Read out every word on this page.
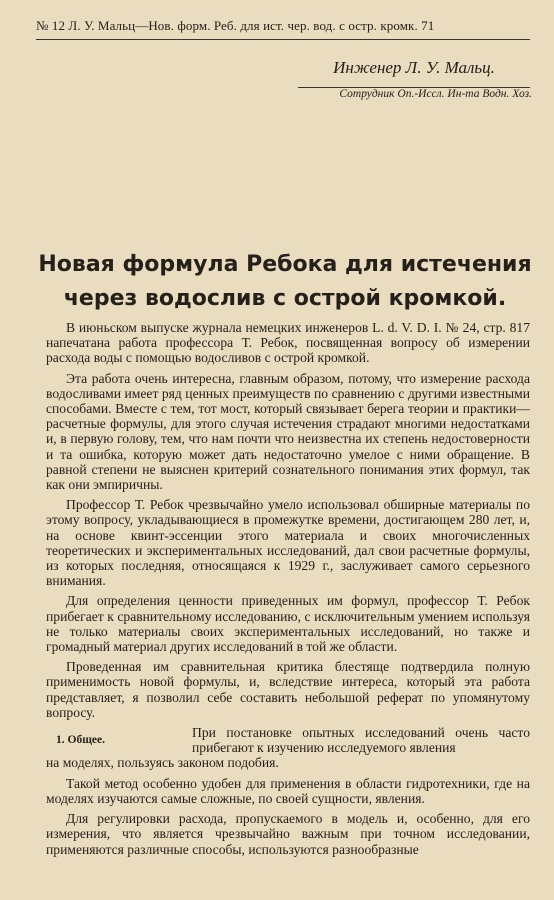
№ 12 Л. У. Мальц—Нов. форм. Реб. для ист. чер. вод. с остр. кромк. 71
Инженер Л. У. Мальц.
Сотрудник Оп.-Иссл. Ин-та Водн. Хоз.
Новая формула Ребока для истечения
через водослив с острой кромкой.

В июньском выпуске журнала немецких инженеров L. d. V. D. I. № 24, стр. 817 напечатана работа профессора Т. Ребок, посвященная вопросу об измерении расхода воды с помощью водосливов с острой кромкой.

Эта работа очень интересна, главным образом, потому, что измерение расхода водосливами имеет ряд ценных преимуществ по сравнению с другими известными способами. Вместе с тем, тот мост, который связывает берега теории и практики—расчетные формулы, для этого случая истечения страдают многими недостатками и, в первую голову, тем, что нам почти что неизвестна их степень недостоверности и та ошибка, которую может дать недостаточно умелое с ними обращение. В равной степени не выяснен критерий сознательного понимания этих формул, так как они эмпиричны.

Профессор Т. Ребок чрезвычайно умело использовал обширные материалы по этому вопросу, укладывающиеся в промежутке времени, достигающем 280 лет, и, на основе квинт-эссенции этого материала и своих многочисленных теоретических и экспериментальных исследований, дал свои расчетные формулы, из которых последняя, относящаяся к 1929 г., заслуживает самого серьезного внимания.

Для определения ценности приведенных им формул, профессор Т. Ребок прибегает к сравнительному исследованию, с исключительным умением используя не только материалы своих экспериментальных исследований, но также и громадный материал других исследований в той же области.

Проведенная им сравнительная критика блестяще подтвердила полную применимость новой формулы, и, вследствие интереса, который эта работа представляет, я позволил себе составить небольшой реферат по упомянутому вопросу.

1. Общее.	При постановке опытных исследований очень часто прибегают к изучению исследуемого явления

на моделях, пользуясь законом подобия.

Такой метод особенно удобен для применения в области гидротехники, где на моделях изучаются самые сложные, по своей сущности, явления.

Для регулировки расхода, пропускаемого в модель и, особенно, для его измерения, что является чрезвычайно важным при точном исследовании, применяются различные способы, используются разнообразные
